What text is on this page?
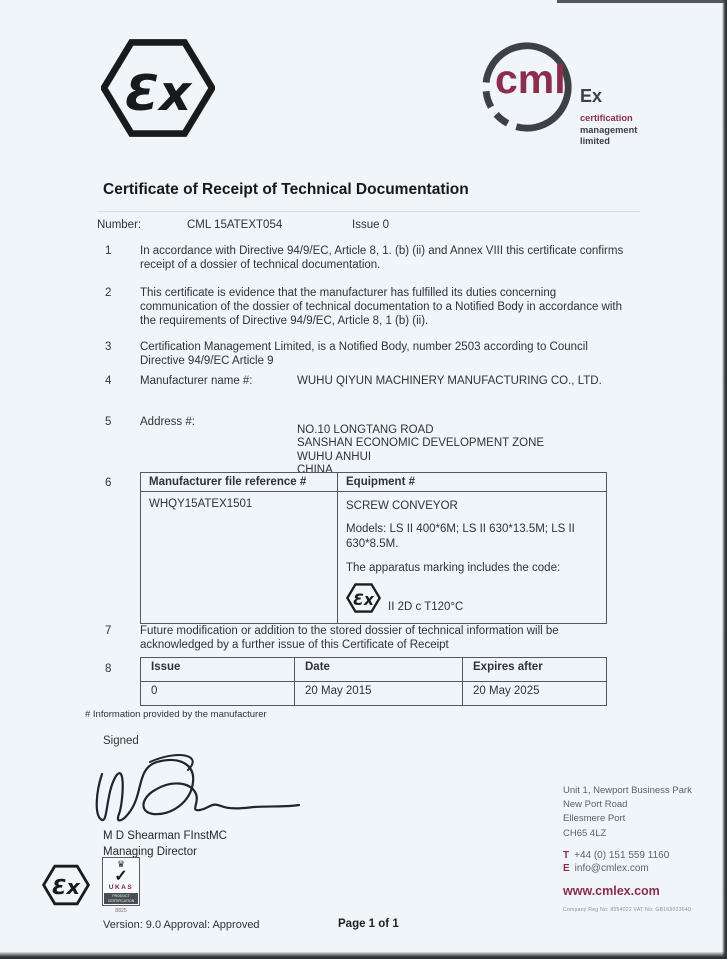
Ɛx	cml Ex
certification
management
limited
Certificate of Receipt of Technical Documentation
Number:	CML 15ATEXT054	Issue 0
1 In accordance with Directive 94/9/EC, Article 8, 1. (b) (ii) and Annex VIII this certificate confirms receipt of a dossier of technical documentation.

2 This certificate is evidence that the manufacturer has fulfilled its duties concerning communication of the dossier of technical documentation to a Notified Body in accordance with the requirements of Directive 94/9/EC, Article 8, 1 (b) (ii).

3 Certification Management Limited, is a Notified Body, number 2503 according to Council Directive 94/9/EC Article 9

4 Manufacturer name #:	WUHU QIYUN MACHINERY MANUFACTURING CO., LTD.

5 Address #:
NO.10 LONGTANG ROAD
SANSHAN ECONOMIC DEVELOPMENT ZONE
WUHU ANHUI
CHINA
6	Manufacturer file reference #	Equipment #
WHQY15ATEX1501	SCREW CONVEYOR
Models: LS II 400*6M; LS II 630*13.5M; LS II 630*8.5M.
The apparatus marking includes the code:
Ɛx II 2D c T120°C
7 Future modification or addition to the stored dossier of technical information will be acknowledged by a further issue of this Certificate of Receipt

8	Issue	Date	Expires after
0	20 May 2015	20 May 2025
# Information provided by the manufacturer
Signed
M D Shearman FInstMC
Managing Director
Ɛx
♛
✓
UKAS
PRODUCT CERTIFICATION
8825
Version: 9.0 Approval: Approved	Page 1 of 1
Unit 1, Newport Business Park
New Port Road
Ellesmere Port
CH65 4LZ
T +44 (0) 151 559 1160
E info@cmlex.com
www.cmlex.com
Company Reg No: 8554022 VAT No: GB163023640
